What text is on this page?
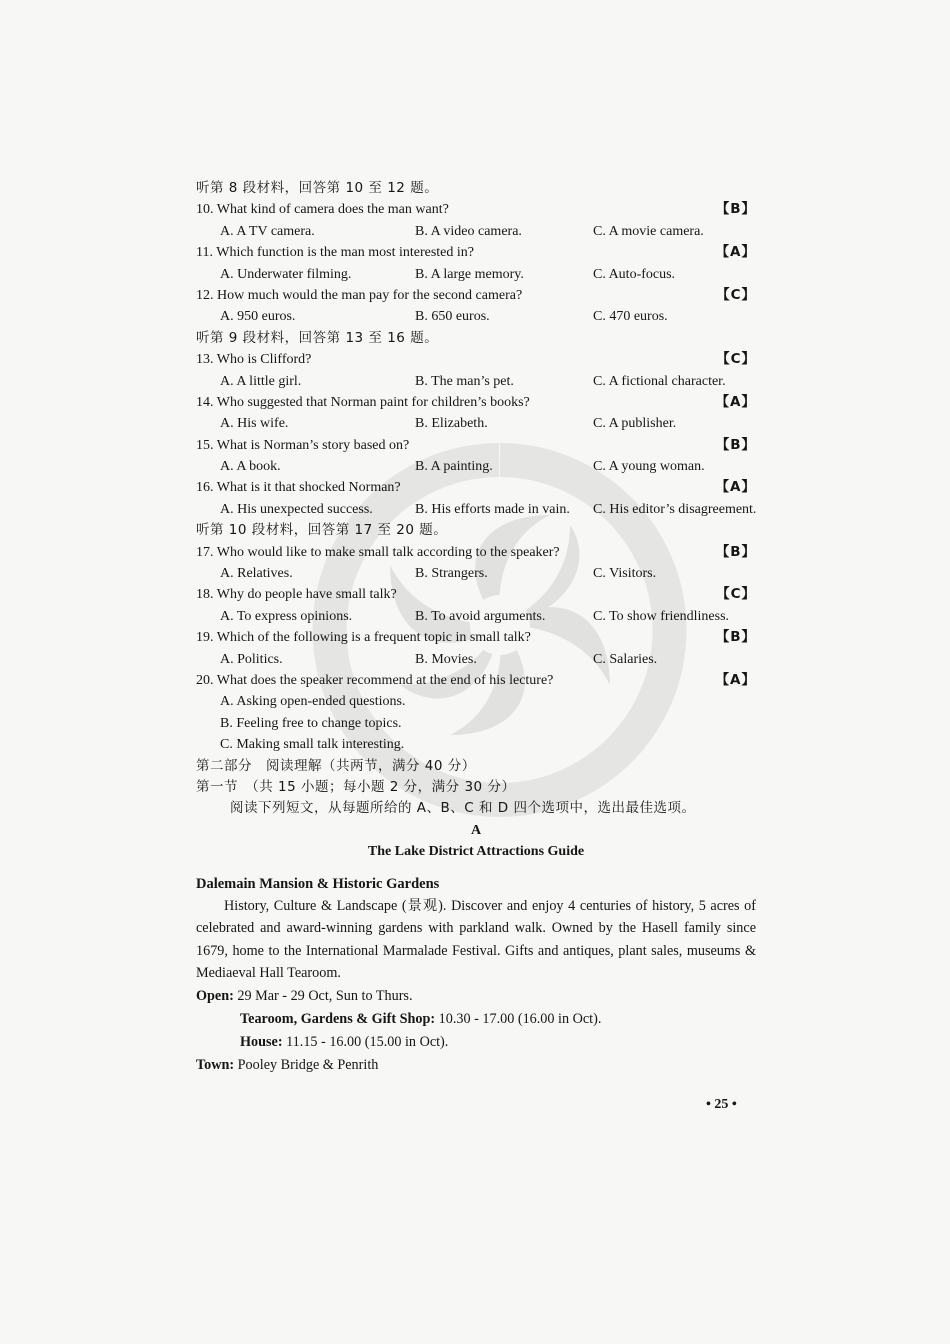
听第 8 段材料，回答第 10 至 12 题。
10. What kind of camera does the man want?	【B】
A. A TV camera.	B. A video camera.	C. A movie camera.
11. Which function is the man most interested in?	【A】
A. Underwater filming.	B. A large memory.	C. Auto-focus.
12. How much would the man pay for the second camera?	【C】
A. 950 euros.	B. 650 euros.	C. 470 euros.
听第 9 段材料，回答第 13 至 16 题。
13. Who is Clifford?	【C】
A. A little girl.	B. The man’s pet.	C. A fictional character.
14. Who suggested that Norman paint for children’s books?	【A】
A. His wife.	B. Elizabeth.	C. A publisher.
15. What is Norman’s story based on?	【B】
A. A book.	B. A painting.	C. A young woman.
16. What is it that shocked Norman?	【A】
A. His unexpected success.	B. His efforts made in vain. C. His editor’s disagreement.
听第 10 段材料，回答第 17 至 20 题。
17. Who would like to make small talk according to the speaker?	【B】
A. Relatives.	B. Strangers.	C. Visitors.
18. Why do people have small talk?	【C】
A. To express opinions.	B. To avoid arguments.	C. To show friendliness.
19. Which of the following is a frequent topic in small talk?	【B】
A. Politics.	B. Movies.	C. Salaries.
20. What does the speaker recommend at the end of his lecture?	【A】
A. Asking open-ended questions.
B. Feeling free to change topics.
C. Making small talk interesting.
第二部分　阅读理解（共两节，满分 40 分）
第一节　（共 15 小题；每小题 2 分，满分 30 分）
阅读下列短文，从每题所给的 A、B、C 和 D 四个选项中，选出最佳选项。
A
The Lake District Attractions Guide
Dalemain Mansion & Historic Gardens

History, Culture & Landscape (景观). Discover and enjoy 4 centuries of history, 5 acres of celebrated and award-winning gardens with parkland walk. Owned by the Hasell family since 1679, home to the International Marmalade Festival. Gifts and antiques, plant sales, museums & Mediaeval Hall Tearoom.

Open: 29 Mar - 29 Oct, Sun to Thurs.
Tearoom, Gardens & Gift Shop: 10.30 - 17.00 (16.00 in Oct).
House: 11.15 - 16.00 (15.00 in Oct).
Town: Pooley Bridge & Penrith
• 25 •
